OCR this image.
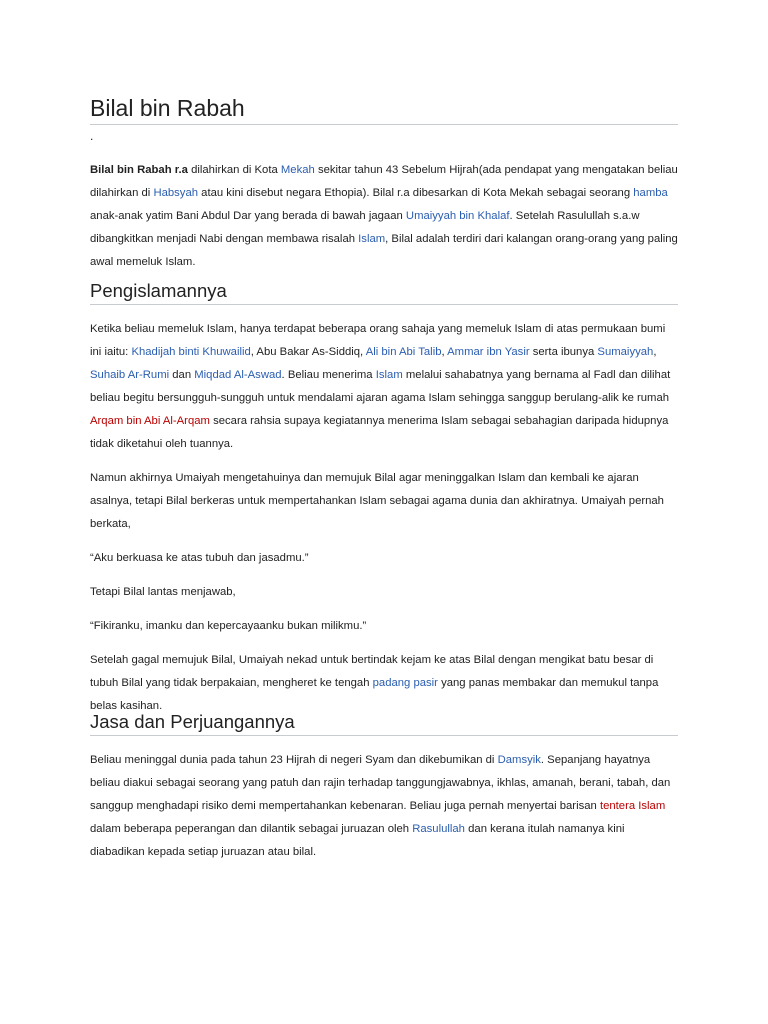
Bilal bin Rabah
.

Bilal bin Rabah r.a dilahirkan di Kota Mekah sekitar tahun 43 Sebelum Hijrah(ada pendapat yang mengatakan beliau dilahirkan di Habsyah atau kini disebut negara Ethopia). Bilal r.a dibesarkan di Kota Mekah sebagai seorang hamba anak-anak yatim Bani Abdul Dar yang berada di bawah jagaan Umaiyyah bin Khalaf. Setelah Rasulullah s.a.w dibangkitkan menjadi Nabi dengan membawa risalah Islam, Bilal adalah terdiri dari kalangan orang-orang yang paling awal memeluk Islam.

Pengislamannya

Ketika beliau memeluk Islam, hanya terdapat beberapa orang sahaja yang memeluk Islam di atas permukaan bumi ini iaitu: Khadijah binti Khuwailid, Abu Bakar As-Siddiq, Ali bin Abi Talib, Ammar ibn Yasir serta ibunya Sumaiyyah, Suhaib Ar-Rumi dan Miqdad Al-Aswad. Beliau menerima Islam melalui sahabatnya yang bernama al Fadl dan dilihat beliau begitu bersungguh-sungguh untuk mendalami ajaran agama Islam sehingga sanggup berulang-alik ke rumah Arqam bin Abi Al-Arqam secara rahsia supaya kegiatannya menerima Islam sebagai sebahagian daripada hidupnya tidak diketahui oleh tuannya.

Namun akhirnya Umaiyah mengetahuinya dan memujuk Bilal agar meninggalkan Islam dan kembali ke ajaran asalnya, tetapi Bilal berkeras untuk mempertahankan Islam sebagai agama dunia dan akhiratnya. Umaiyah pernah berkata,

“Aku berkuasa ke atas tubuh dan jasadmu.”

Tetapi Bilal lantas menjawab,

“Fikiranku, imanku dan kepercayaanku bukan milikmu.”

Setelah gagal memujuk Bilal, Umaiyah nekad untuk bertindak kejam ke atas Bilal dengan mengikat batu besar di tubuh Bilal yang tidak berpakaian, mengheret ke tengah padang pasir yang panas membakar dan memukul tanpa belas kasihan.

Jasa dan Perjuangannya

Beliau meninggal dunia pada tahun 23 Hijrah di negeri Syam dan dikebumikan di Damsyik. Sepanjang hayatnya beliau diakui sebagai seorang yang patuh dan rajin terhadap tanggungjawabnya, ikhlas, amanah, berani, tabah, dan sanggup menghadapi risiko demi mempertahankan kebenaran. Beliau juga pernah menyertai barisan tentera Islam dalam beberapa peperangan dan dilantik sebagai juruazan oleh Rasulullah dan kerana itulah namanya kini diabadikan kepada setiap juruazan atau bilal.
